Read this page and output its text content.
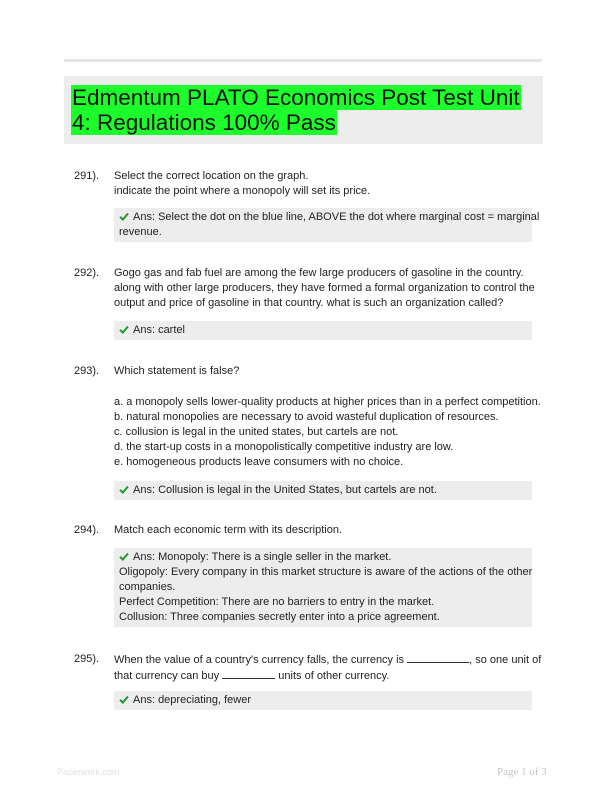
Edmentum PLATO Economics Post Test Unit 4: Regulations 100% Pass
291). Select the correct location on the graph.
indicate the point where a monopoly will set its price.
Ans: Select the dot on the blue line, ABOVE the dot where marginal cost = marginal
revenue.
292). Gogo gas and fab fuel are among the few large producers of gasoline in the country.
along with other large producers, they have formed a formal organization to control the
output and price of gasoline in that country. what is such an organization called?
Ans: cartel
293). Which statement is false?
a. a monopoly sells lower-quality products at higher prices than in a perfect competition.
b. natural monopolies are necessary to avoid wasteful duplication of resources.
c. collusion is legal in the united states, but cartels are not.
d. the start-up costs in a monopolistically competitive industry are low.
e. homogeneous products leave consumers with no choice.
Ans: Collusion is legal in the United States, but cartels are not.
294). Match each economic term with its description.
Ans: Monopoly: There is a single seller in the market.
Oligopoly: Every company in this market structure is aware of the actions of the other
companies.
Perfect Competition: There are no barriers to entry in the market.
Collusion: Three companies secretly enter into a price agreement.
295). When the value of a country's currency falls, the currency is	, so one unit of
that currency can buy	units of other currency.
Ans: depreciating, fewer
Paperwork.com	Page 1 of 3
